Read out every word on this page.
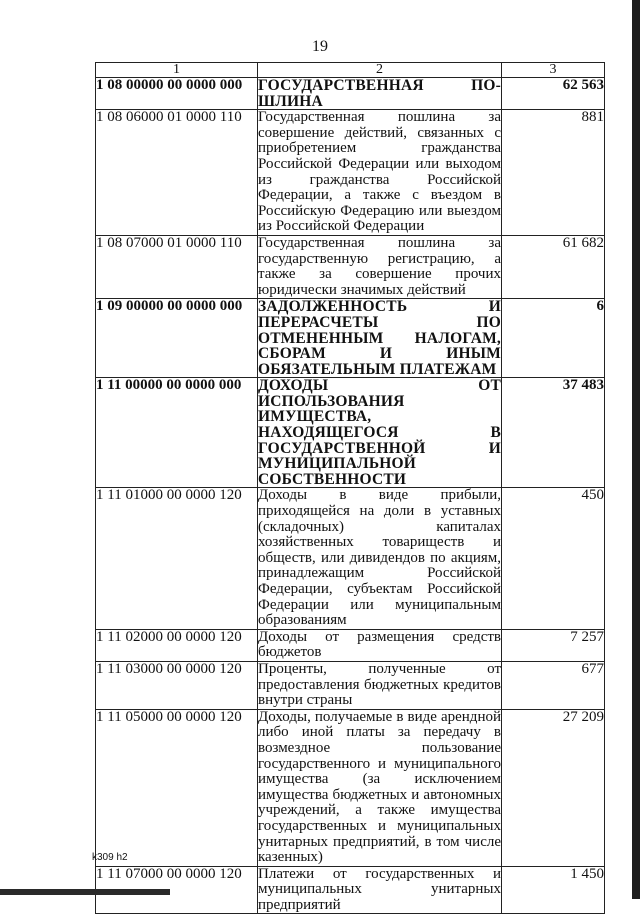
19
1	2	3
1 08 00000 00 0000 000	ГОСУДАРСТВЕННАЯ ПО-ШЛИНА	62 563
1 08 06000 01 0000 110	Государственная пошлина за совершение действий, связанных с приобретением гражданства Российской Федерации или выходом из гражданства Российской Федерации, а также с въездом в Российскую Федерацию или выездом из Российской Федерации	881
1 08 07000 01 0000 110	Государственная пошлина за государственную регистрацию, а также за совершение прочих юридически значимых действий	61 682
1 09 00000 00 0000 000	ЗАДОЛЖЕННОСТЬ И ПЕРЕРАСЧЕТЫ ПО ОТМЕНЕННЫМ НАЛОГАМ, СБОРАМ И ИНЫМ ОБЯЗАТЕЛЬНЫМ ПЛАТЕЖАМ	6
1 11 00000 00 0000 000	ДОХОДЫ ОТ ИСПОЛЬЗОВАНИЯ ИМУЩЕСТВА, НАХОДЯЩЕГОСЯ В ГОСУДАРСТВЕННОЙ И МУНИЦИПАЛЬНОЙ СОБСТВЕННОСТИ	37 483
1 11 01000 00 0000 120	Доходы в виде прибыли, приходящейся на доли в уставных (складочных) капиталах хозяйственных товариществ и обществ, или дивидендов по акциям, принадлежащим Российской Федерации, субъектам Российской Федерации или муниципальным образованиям	450
1 11 02000 00 0000 120	Доходы от размещения средств бюджетов	7 257
1 11 03000 00 0000 120	Проценты, полученные от предоставления бюджетных кредитов внутри страны	677
1 11 05000 00 0000 120	Доходы, получаемые в виде арендной либо иной платы за передачу в возмездное пользование государственного и муниципального имущества (за исключением имущества бюджетных и автономных учреждений, а также имущества государственных и муниципальных унитарных предприятий, в том числе казенных)	27 209
1 11 07000 00 0000 120	Платежи от государственных и муниципальных унитарных предприятий	1 450
k309 h2
